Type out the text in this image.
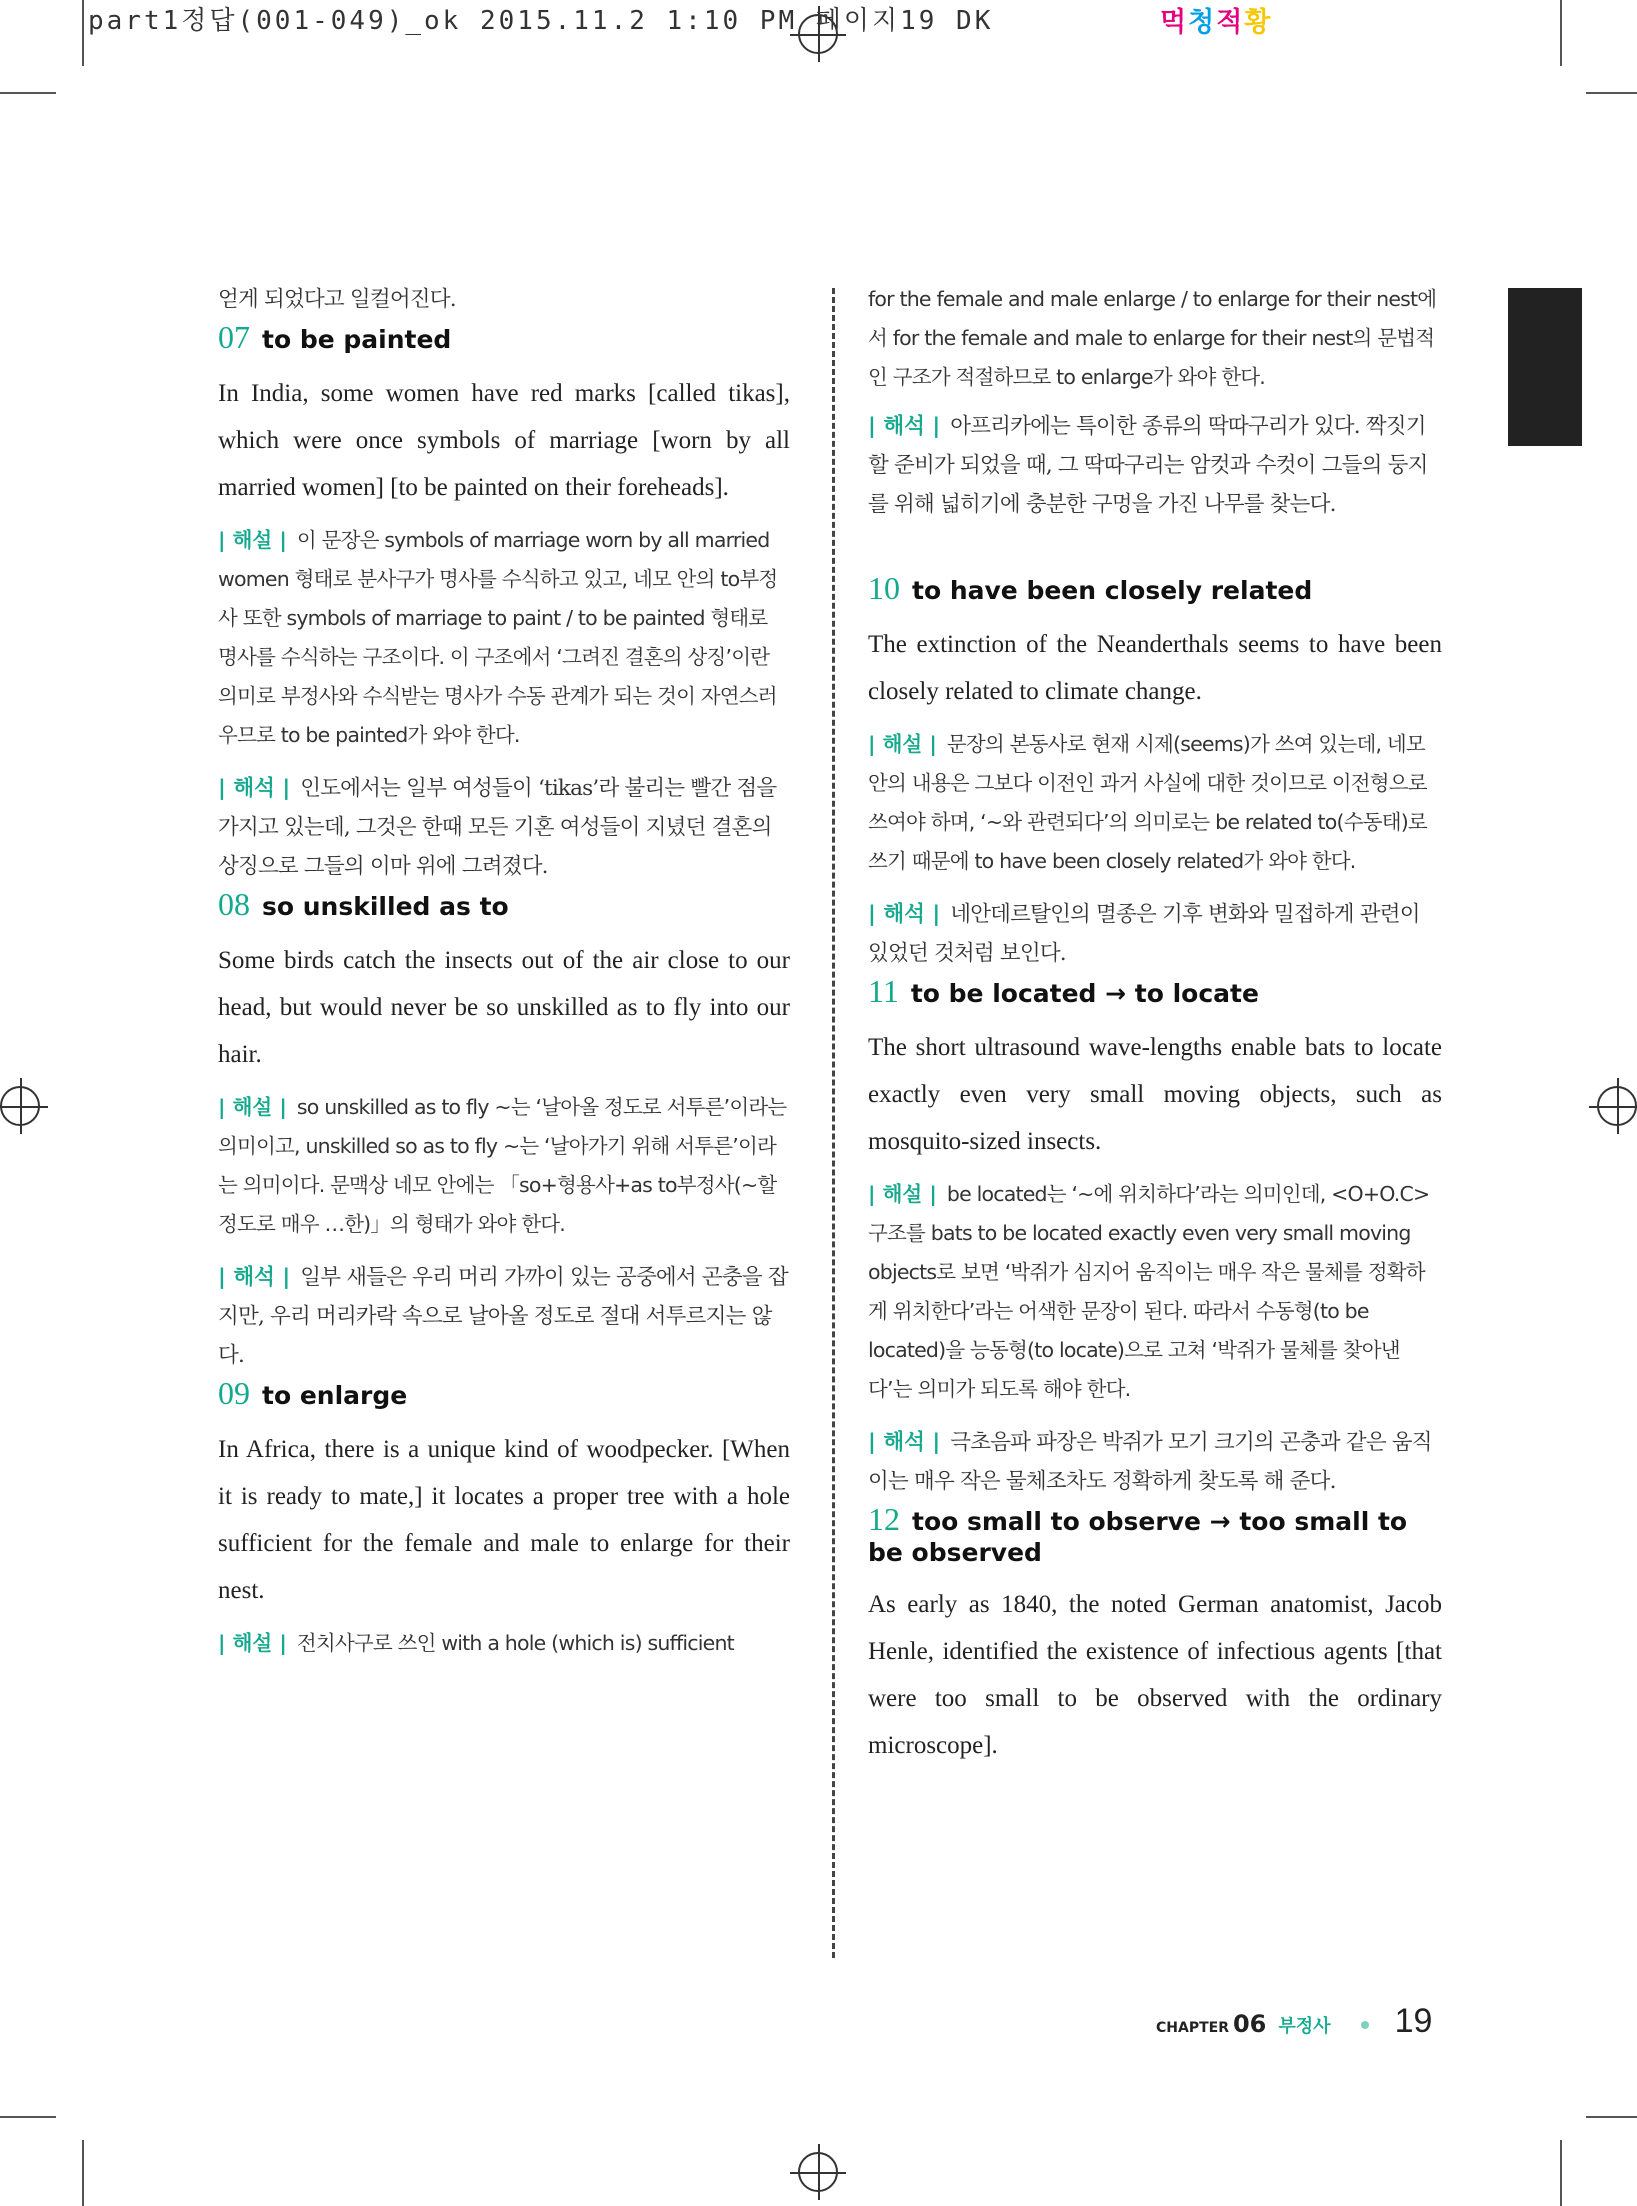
part1정답(001-049)_ok 2015.11.2 1:10 PM 페이지19 DK	먹청적황
얻게 되었다고 일컬어진다.
07 to be painted
In India, some women have red marks [called tikas], which were once symbols of marriage [worn by all married women] [to be painted on their foreheads].
| 해설 | 이 문장은 symbols of marriage worn by all married women 형태로 분사구가 명사를 수식하고 있고, 네모 안의 to부정사 또한 symbols of marriage to paint / to be painted 형태로 명사를 수식하는 구조이다. 이 구조에서 ‘그려진 결혼의 상징’이란 의미로 부정사와 수식받는 명사가 수동 관계가 되는 것이 자연스러우므로 to be painted가 와야 한다.
| 해석 | 인도에서는 일부 여성들이 ‘tikas’라 불리는 빨간 점을 가지고 있는데, 그것은 한때 모든 기혼 여성들이 지녔던 결혼의 상징으로 그들의 이마 위에 그려졌다.
08 so unskilled as to
Some birds catch the insects out of the air close to our head, but would never be so unskilled as to fly into our hair.
| 해설 | so unskilled as to fly ~는 ‘날아올 정도로 서투른’이라는 의미이고, unskilled so as to fly ~는 ‘날아가기 위해 서투른’이라는 의미이다. 문맥상 네모 안에는 「so+형용사+as to부정사(~할 정도로 매우 …한)」의 형태가 와야 한다.
| 해석 | 일부 새들은 우리 머리 가까이 있는 공중에서 곤충을 잡지만, 우리 머리카락 속으로 날아올 정도로 절대 서투르지는 않다.
09 to enlarge
In Africa, there is a unique kind of woodpecker. [When it is ready to mate,] it locates a proper tree with a hole sufficient for the female and male to enlarge for their nest.
| 해설 | 전치사구로 쓰인 with a hole (which is) sufficient
for the female and male enlarge / to enlarge for their nest에서 for the female and male to enlarge for their nest의 문법적인 구조가 적절하므로 to enlarge가 와야 한다.
| 해석 | 아프리카에는 특이한 종류의 딱따구리가 있다. 짝짓기할 준비가 되었을 때, 그 딱따구리는 암컷과 수컷이 그들의 둥지를 위해 넓히기에 충분한 구멍을 가진 나무를 찾는다.
10 to have been closely related
The extinction of the Neanderthals seems to have been closely related to climate change.
| 해설 | 문장의 본동사로 현재 시제(seems)가 쓰여 있는데, 네모 안의 내용은 그보다 이전인 과거 사실에 대한 것이므로 이전형으로 쓰여야 하며, ‘~와 관련되다’의 의미로는 be related to(수동태)로 쓰기 때문에 to have been closely related가 와야 한다.
| 해석 | 네안데르탈인의 멸종은 기후 변화와 밀접하게 관련이 있었던 것처럼 보인다.
11 to be located → to locate
The short ultrasound wave-lengths enable bats to locate exactly even very small moving objects, such as mosquito-sized insects.
| 해설 | be located는 ‘~에 위치하다’라는 의미인데, <O+O.C> 구조를 bats to be located exactly even very small moving objects로 보면 ‘박쥐가 심지어 움직이는 매우 작은 물체를 정확하게 위치한다’라는 어색한 문장이 된다. 따라서 수동형(to be located)을 능동형(to locate)으로 고쳐 ‘박쥐가 물체를 찾아낸다’는 의미가 되도록 해야 한다.
| 해석 | 극초음파 파장은 박쥐가 모기 크기의 곤충과 같은 움직이는 매우 작은 물체조차도 정확하게 찾도록 해 준다.
12 too small to observe → too small to be observed
As early as 1840, the noted German anatomist, Jacob Henle, identified the existence of infectious agents [that were too small to be observed with the ordinary microscope].
CHAPTER 06 부정사 19
